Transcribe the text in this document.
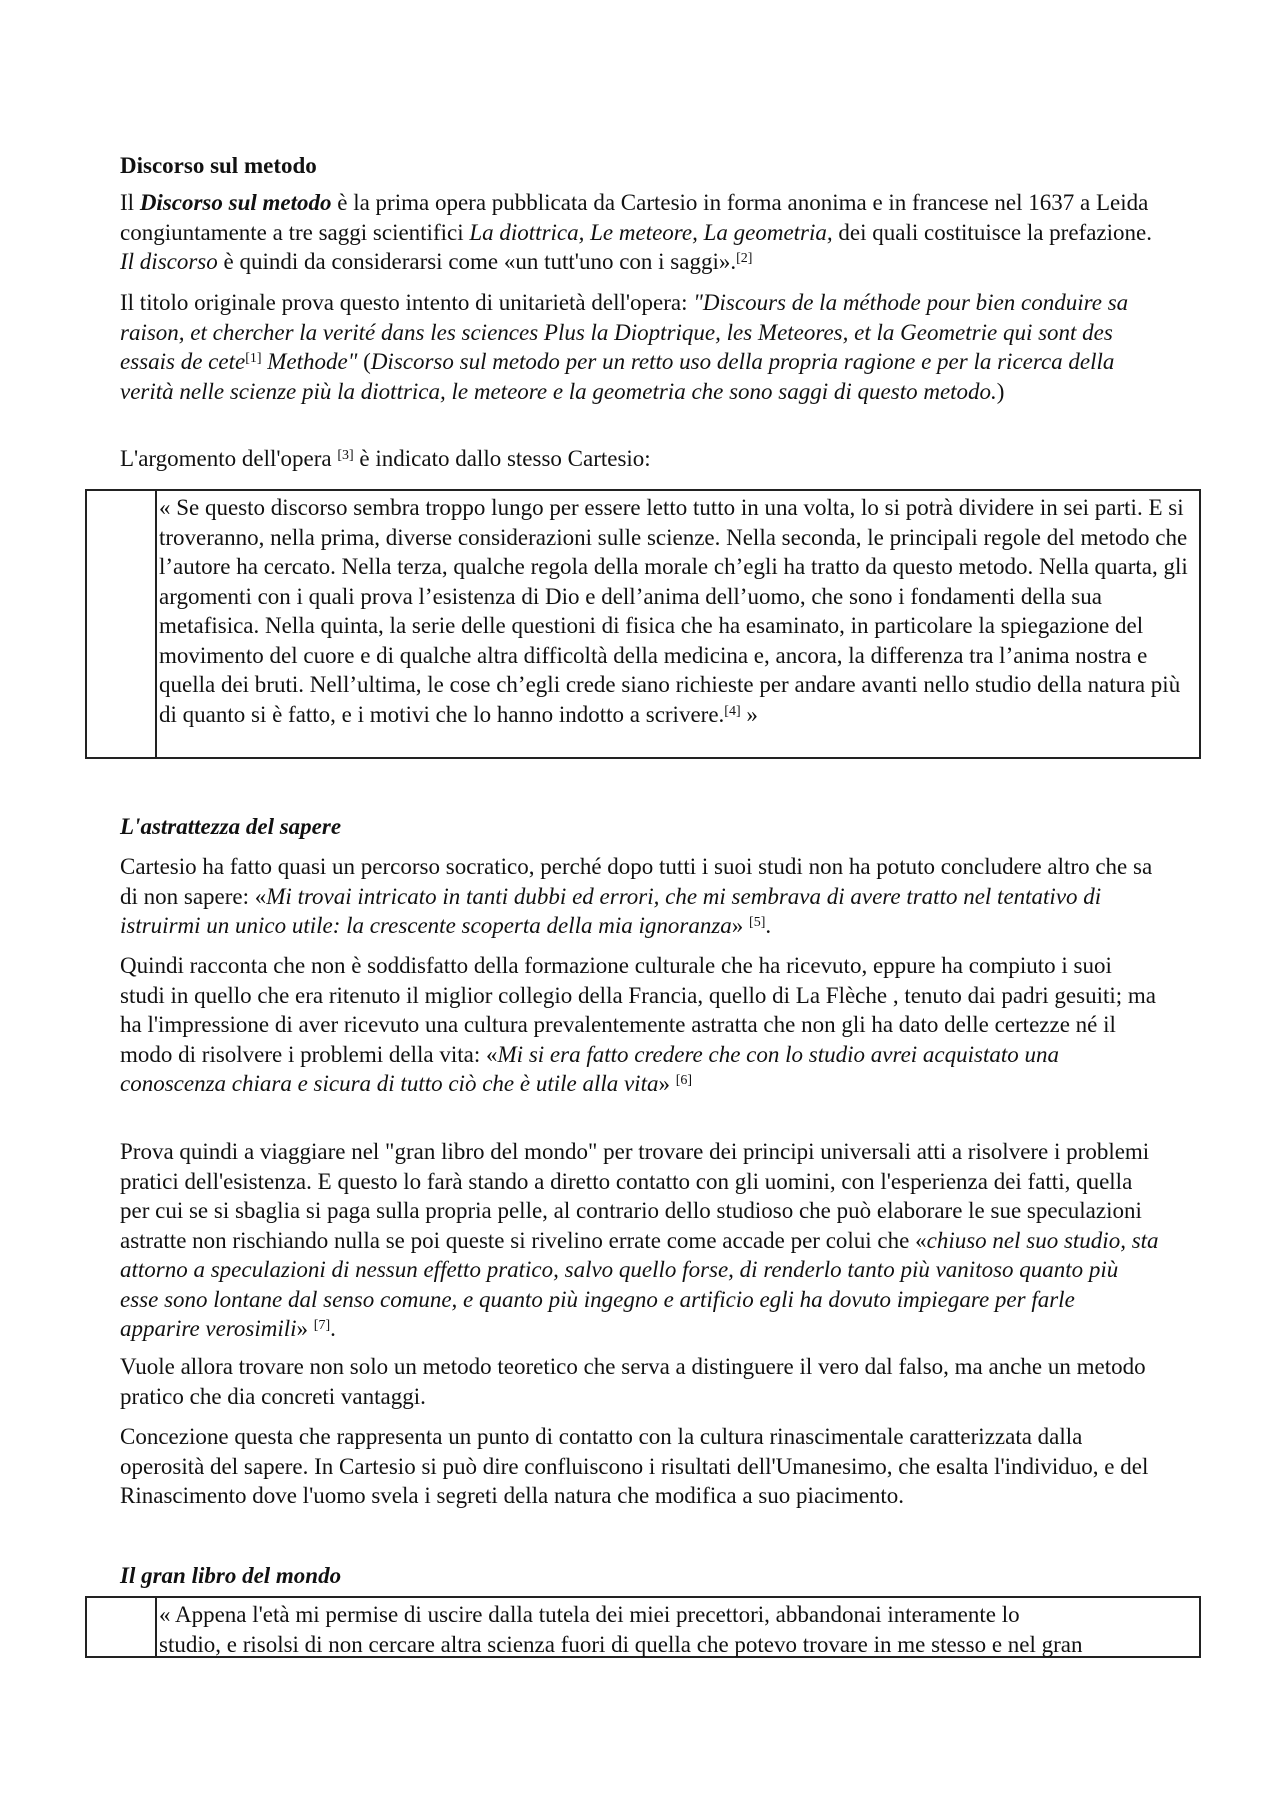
Discorso sul metodo

Il Discorso sul metodo è la prima opera pubblicata da Cartesio in forma anonima e in francese nel 1637 a Leida congiuntamente a tre saggi scientifici La diottrica, Le meteore, La geometria, dei quali costituisce la prefazione. Il discorso è quindi da considerarsi come «un tutt'uno con i saggi».[2]

Il titolo originale prova questo intento di unitarietà dell'opera: "Discours de la méthode pour bien conduire sa raison, et chercher la verité dans les sciences Plus la Dioptrique, les Meteores, et la Geometrie qui sont des essais de cete[1] Methode" (Discorso sul metodo per un retto uso della propria ragione e per la ricerca della verità nelle scienze più la diottrica, le meteore e la geometria che sono saggi di questo metodo.)

L'argomento dell'opera [3] è indicato dallo stesso Cartesio:

« Se questo discorso sembra troppo lungo per essere letto tutto in una volta, lo si potrà dividere in sei parti. E si troveranno, nella prima, diverse considerazioni sulle scienze. Nella seconda, le principali regole del metodo che l’autore ha cercato. Nella terza, qualche regola della morale ch’egli ha tratto da questo metodo. Nella quarta, gli argomenti con i quali prova l’esistenza di Dio e dell’anima dell’uomo, che sono i fondamenti della sua metafisica. Nella quinta, la serie delle questioni di fisica che ha esaminato, in particolare la spiegazione del movimento del cuore e di qualche altra difficoltà della medicina e, ancora, la differenza tra l’anima nostra e quella dei bruti. Nell’ultima, le cose ch’egli crede siano richieste per andare avanti nello studio della natura più di quanto si è fatto, e i motivi che lo hanno indotto a scrivere.[4] »
L'astrattezza del sapere

Cartesio ha fatto quasi un percorso socratico, perché dopo tutti i suoi studi non ha potuto concludere altro che sa di non sapere: «Mi trovai intricato in tanti dubbi ed errori, che mi sembrava di avere tratto nel tentativo di istruirmi un unico utile: la crescente scoperta della mia ignoranza» [5].

Quindi racconta che non è soddisfatto della formazione culturale che ha ricevuto, eppure ha compiuto i suoi studi in quello che era ritenuto il miglior collegio della Francia, quello di La Flèche , tenuto dai padri gesuiti; ma ha l'impressione di aver ricevuto una cultura prevalentemente astratta che non gli ha dato delle certezze né il modo di risolvere i problemi della vita: «Mi si era fatto credere che con lo studio avrei acquistato una conoscenza chiara e sicura di tutto ciò che è utile alla vita» [6]

Prova quindi a viaggiare nel "gran libro del mondo" per trovare dei principi universali atti a risolvere i problemi pratici dell'esistenza. E questo lo farà stando a diretto contatto con gli uomini, con l'esperienza dei fatti, quella per cui se si sbaglia si paga sulla propria pelle, al contrario dello studioso che può elaborare le sue speculazioni astratte non rischiando nulla se poi queste si rivelino errate come accade per colui che «chiuso nel suo studio, sta attorno a speculazioni di nessun effetto pratico, salvo quello forse, di renderlo tanto più vanitoso quanto più esse sono lontane dal senso comune, e quanto più ingegno e artificio egli ha dovuto impiegare per farle apparire verosimili» [7].

Vuole allora trovare non solo un metodo teoretico che serva a distinguere il vero dal falso, ma anche un metodo pratico che dia concreti vantaggi.

Concezione questa che rappresenta un punto di contatto con la cultura rinascimentale caratterizzata dalla operosità del sapere. In Cartesio si può dire confluiscono i risultati dell'Umanesimo, che esalta l'individuo, e del Rinascimento dove l'uomo svela i segreti della natura che modifica a suo piacimento.

Il gran libro del mondo
« Appena l'età mi permise di uscire dalla tutela dei miei precettori, abbandonai interamente lo
studio, e risolsi di non cercare altra scienza fuori di quella che potevo trovare in me stesso e nel gran
